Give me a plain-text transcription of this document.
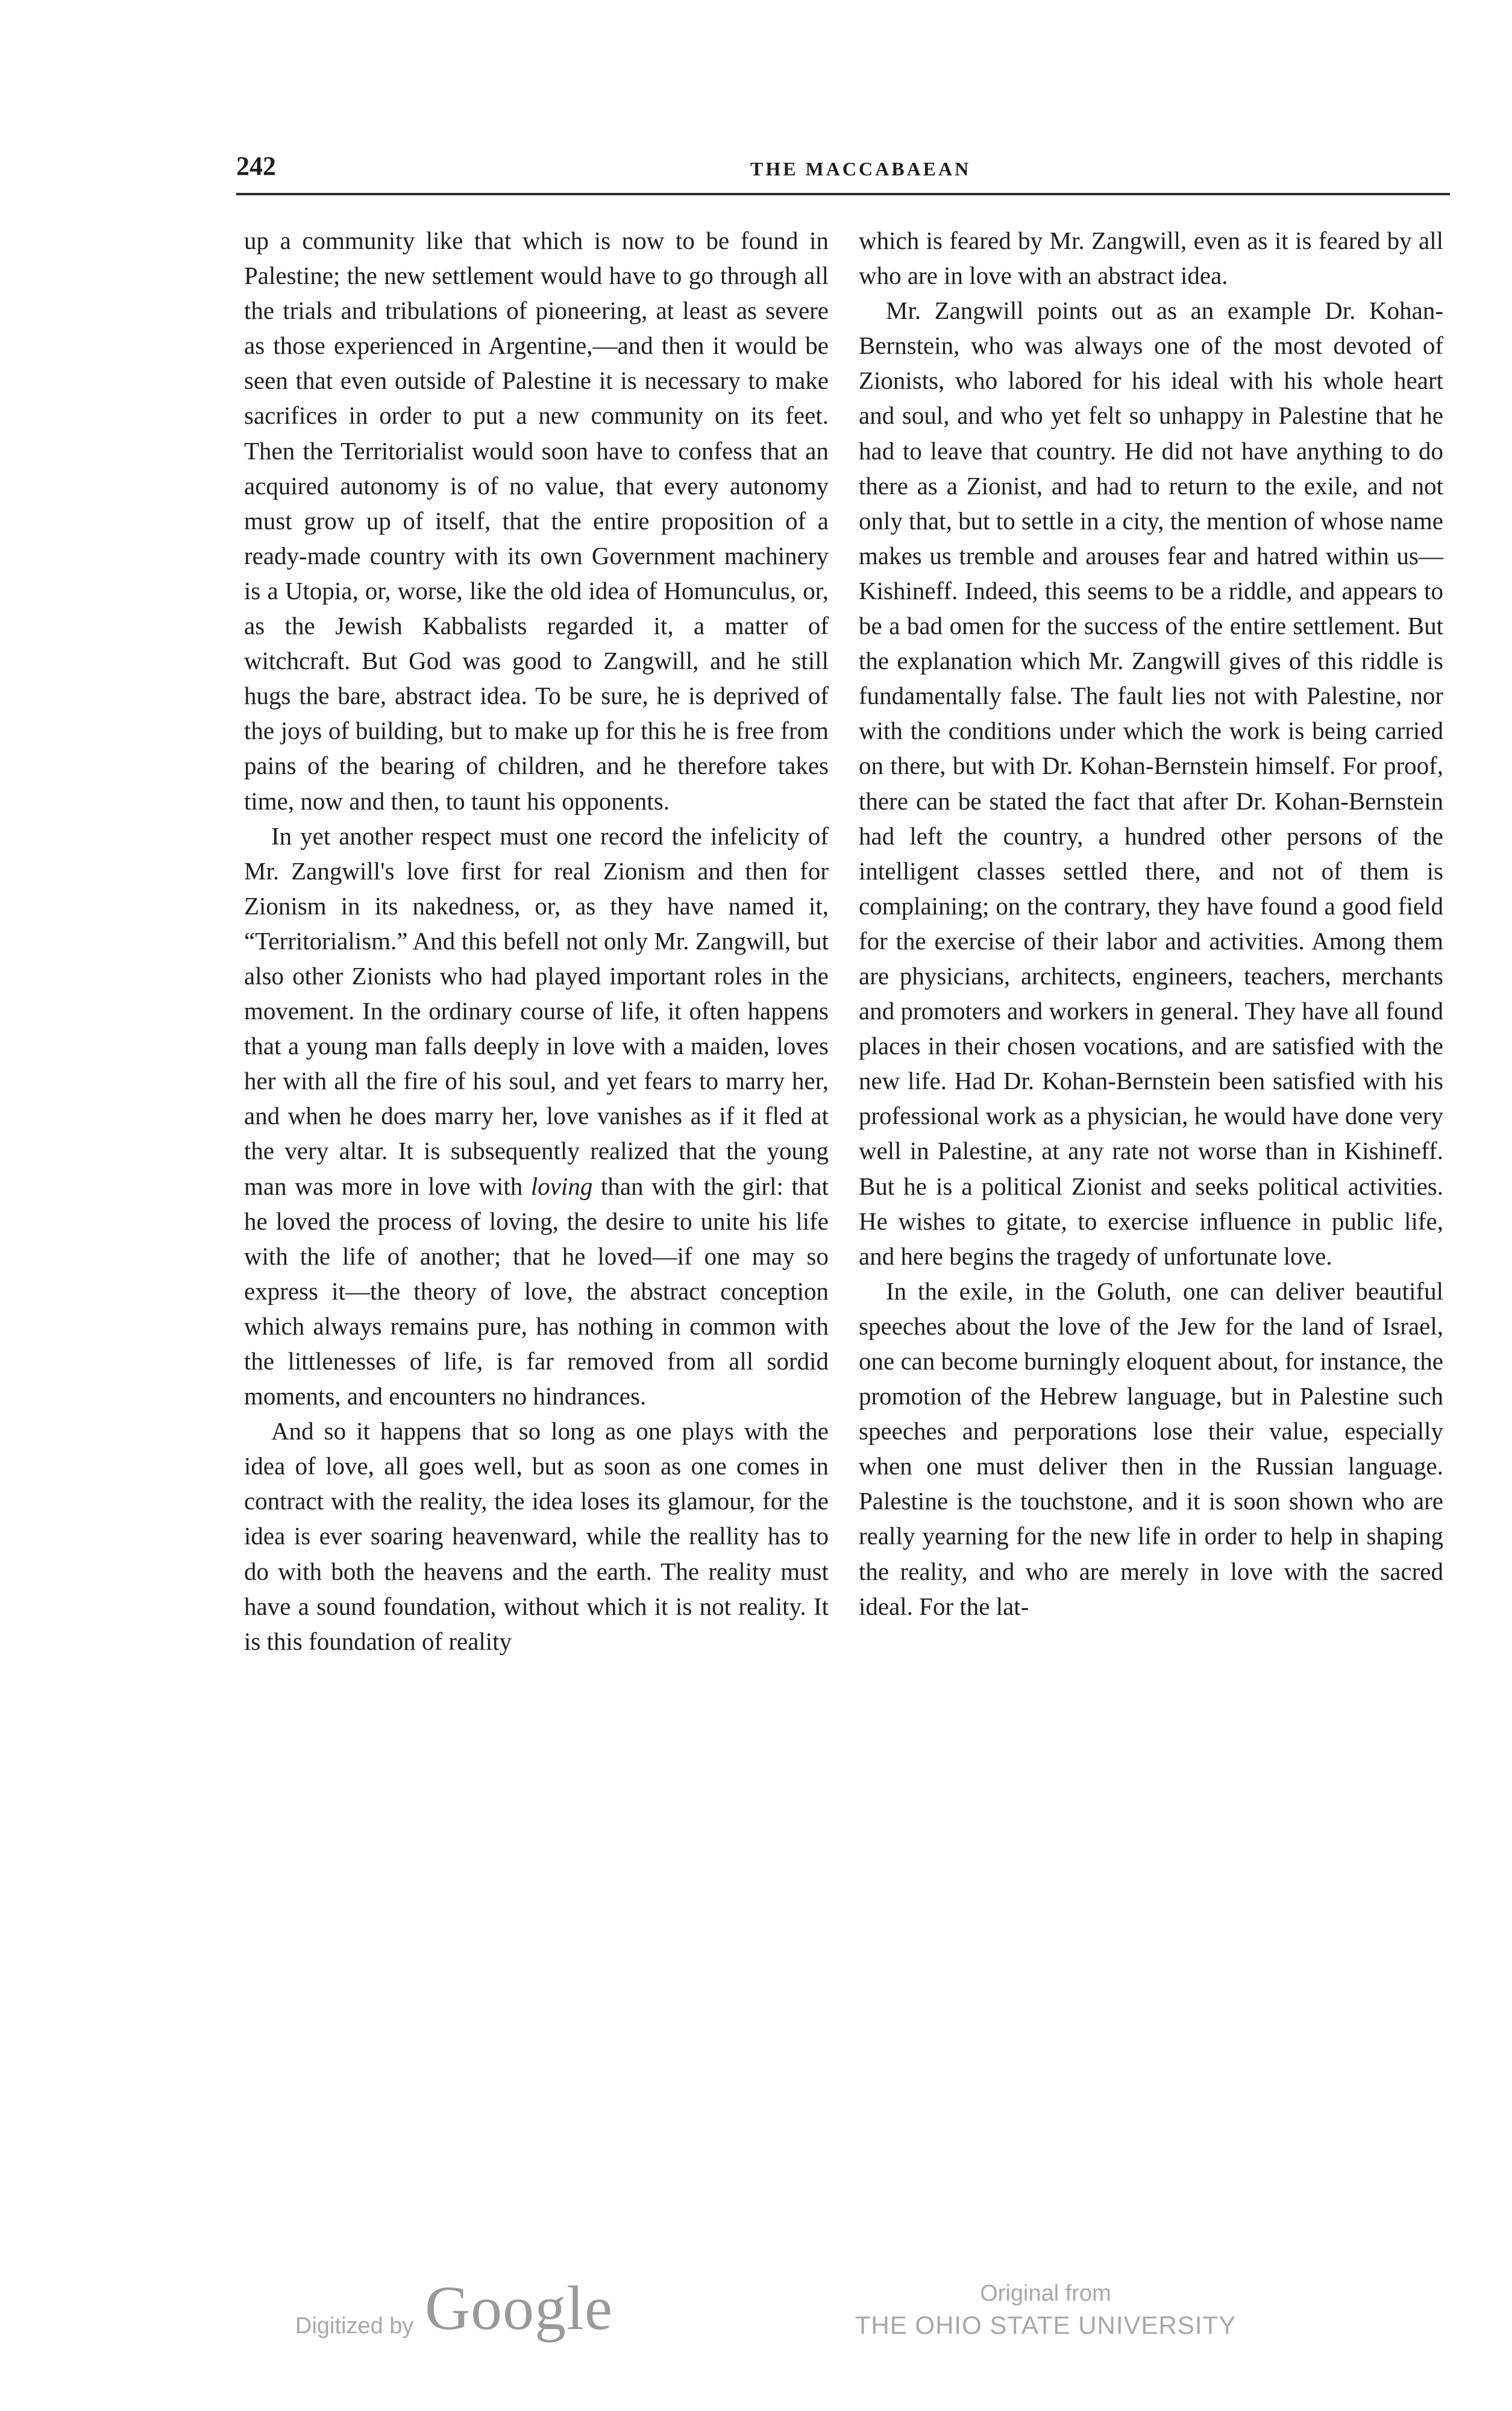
242	THE MACCABAEAN

up a community like that which is now to be found in Palestine; the new settlement would have to go through all the trials and tribulations of pioneering, at least as severe as those experienced in Argentine,—and then it would be seen that even outside of Palestine it is necessary to make sacrifices in order to put a new community on its feet. Then the Territorialist would soon have to confess that an acquired autonomy is of no value, that every autonomy must grow up of itself, that the entire proposition of a ready-made country with its own Government machinery is a Utopia, or, worse, like the old idea of Homunculus, or, as the Jewish Kabbalists regarded it, a matter of witchcraft. But God was good to Zangwill, and he still hugs the bare, abstract idea. To be sure, he is deprived of the joys of building, but to make up for this he is free from pains of the bearing of children, and he therefore takes time, now and then, to taunt his opponents.

In yet another respect must one record the infelicity of Mr. Zangwill's love first for real Zionism and then for Zionism in its nakedness, or, as they have named it, “Territorialism.” And this befell not only Mr. Zangwill, but also other Zionists who had played important roles in the movement. In the ordinary course of life, it often happens that a young man falls deeply in love with a maiden, loves her with all the fire of his soul, and yet fears to marry her, and when he does marry her, love vanishes as if it fled at the very altar. It is subsequently realized that the young man was more in love with loving than with the girl: that he loved the process of loving, the desire to unite his life with the life of another; that he loved—if one may so express it—the theory of love, the abstract conception which always remains pure, has nothing in common with the littlenesses of life, is far removed from all sordid moments, and encounters no hindrances.

And so it happens that so long as one plays with the idea of love, all goes well, but as soon as one comes in contract with the reality, the idea loses its glamour, for the idea is ever soaring heavenward, while the reallity has to do with both the heavens and the earth. The reality must have a sound foundation, without which it is not reality. It is this foundation of reality

which is feared by Mr. Zangwill, even as it is feared by all who are in love with an abstract idea.

Mr. Zangwill points out as an example Dr. Kohan-Bernstein, who was always one of the most devoted of Zionists, who labored for his ideal with his whole heart and soul, and who yet felt so unhappy in Palestine that he had to leave that country. He did not have anything to do there as a Zionist, and had to return to the exile, and not only that, but to settle in a city, the mention of whose name makes us tremble and arouses fear and hatred within us—Kishineff. Indeed, this seems to be a riddle, and appears to be a bad omen for the success of the entire settlement. But the explanation which Mr. Zangwill gives of this riddle is fundamentally false. The fault lies not with Palestine, nor with the conditions under which the work is being carried on there, but with Dr. Kohan-Bernstein himself. For proof, there can be stated the fact that after Dr. Kohan-Bernstein had left the country, a hundred other persons of the intelligent classes settled there, and not of them is complaining; on the contrary, they have found a good field for the exercise of their labor and activities. Among them are physicians, architects, engineers, teachers, merchants and promoters and workers in general. They have all found places in their chosen vocations, and are satisfied with the new life. Had Dr. Kohan-Bernstein been satisfied with his professional work as a physician, he would have done very well in Palestine, at any rate not worse than in Kishineff. But he is a political Zionist and seeks political activities. He wishes to gitate, to exercise influence in public life, and here begins the tragedy of unfortunate love.

In the exile, in the Goluth, one can deliver beautiful speeches about the love of the Jew for the land of Israel, one can become burningly eloquent about, for instance, the promotion of the Hebrew language, but in Palestine such speeches and perporations lose their value, especially when one must deliver then in the Russian language. Palestine is the touchstone, and it is soon shown who are really yearning for the new life in order to help in shaping the reality, and who are merely in love with the sacred ideal. For the lat-

Digitized by Google	Original from
THE OHIO STATE UNIVERSITY
